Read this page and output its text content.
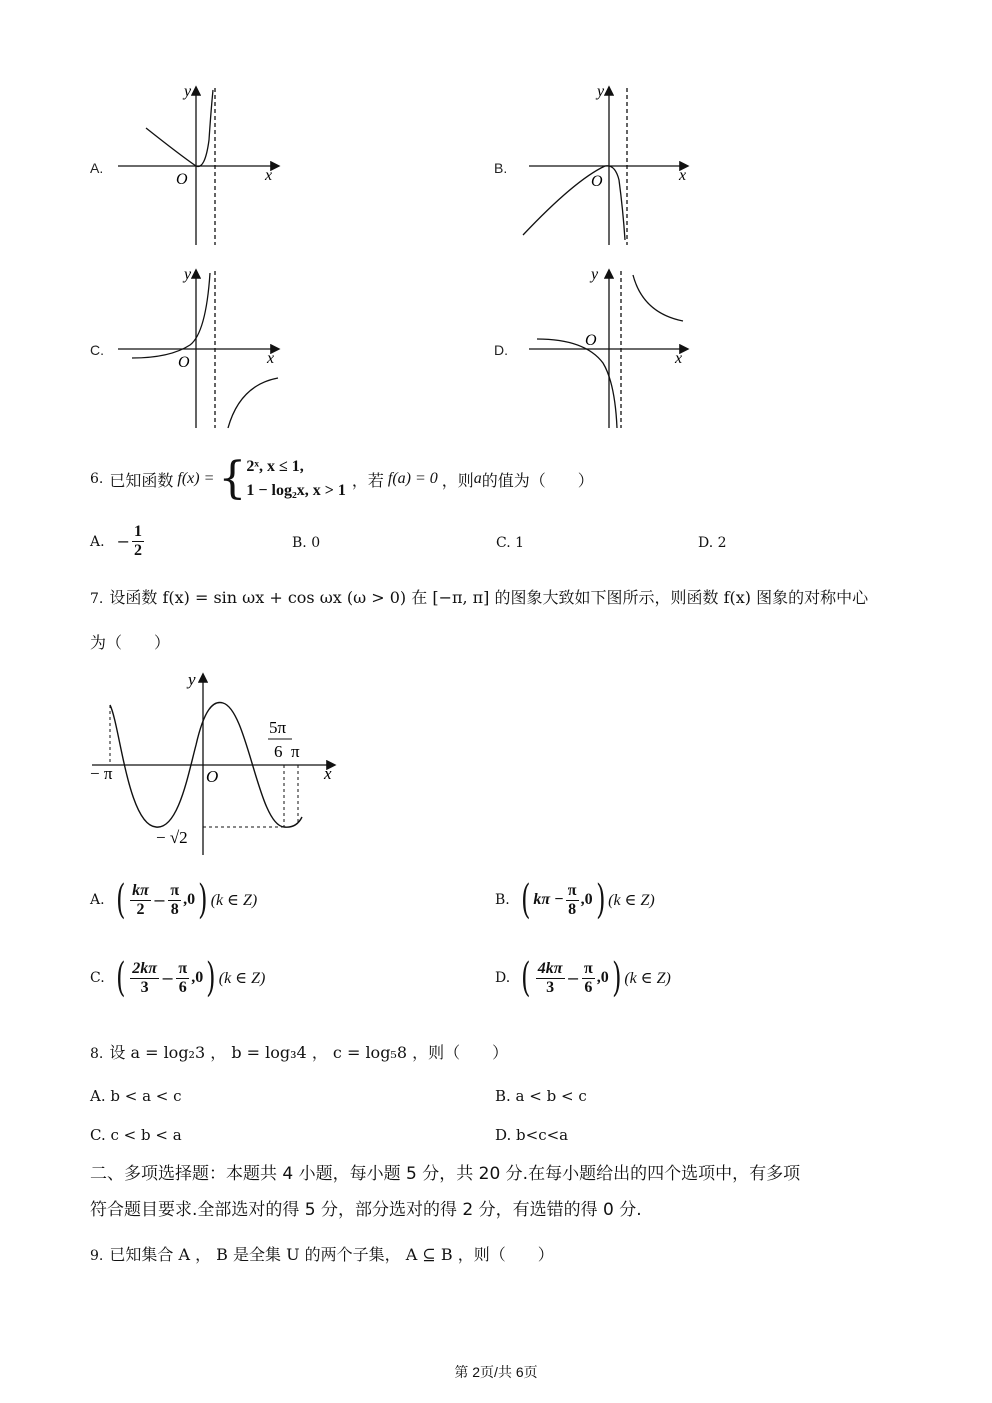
A.
y
x
O
B.
y
x
O
C.
y
x
O
D.
y
x
O
6. 已知函数 f(x) = { 2ˣ, x ≤ 1,
1 − log₂x, x > 1
，若 f(a) = 0 ，则 a 的值为（　　）
A. − $\frac{1}{2}$	B. 0	C. 1	D. 2
7. 设函数 f(x) = sin ωx + cos ωx (ω > 0) 在 [−π, π] 的图象大致如下图所示，则函数 f(x) 图象的对称中心
为（　　）
y
x
O
− π
5π
6 π
− √2
A. ( $\frac{k\pi}{2} - \frac{\pi}{8} ,0$ ) (k ∈ Z)	B. ( $k\pi - \frac{\pi}{8} ,0$ ) (k ∈ Z)
C. ( $\frac{2k\pi}{3} - \frac{\pi}{6} ,0$ ) (k ∈ Z)	D. ( $\frac{4k\pi}{3} - \frac{\pi}{6} ,0$ ) (k ∈ Z)
8. 设 a = log₂3 ， b = log₃4 ， c = log₅8 ，则（　　）
A. b < a < c	B. a < b < c
C. c < b < a	D. b<c<a
二、多项选择题：本题共 4 小题，每小题 5 分，共 20 分.在每小题给出的四个选项中，有多项
符合题目要求.全部选对的得 5 分，部分选对的得 2 分，有选错的得 0 分.
9. 已知集合 A ， B 是全集 U 的两个子集， A ⊆ B ，则（　　）
第 2页/共 6页
